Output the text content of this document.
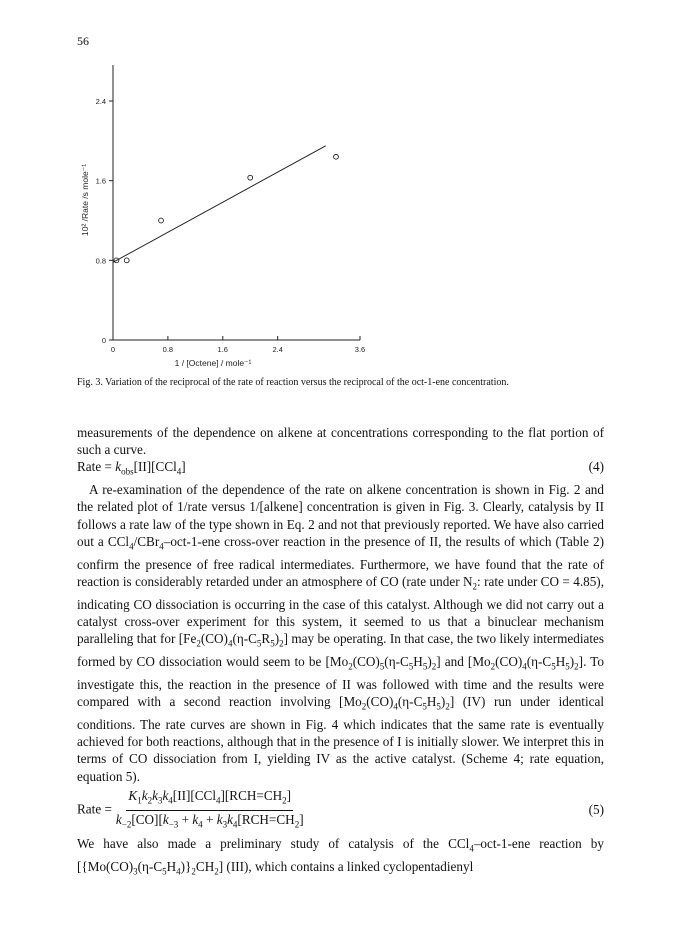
56
0
0.8
1.6
2.4
0	0.8	1.6	2.4	3.6
10² /Rate /s mole⁻¹
1 / [Octene] / mole⁻¹
Fig. 3. Variation of the reciprocal of the rate of reaction versus the reciprocal of the oct-1-ene concentration.

measurements of the dependence on alkene at concentrations corresponding to the flat portion of such a curve.

Rate = $k_{obs}[II][CCl_4]$	(4)

A re-examination of the dependence of the rate on alkene concentration is shown in Fig. 2 and the related plot of 1/rate versus 1/[alkene] concentration is given in Fig. 3. Clearly, catalysis by II follows a rate law of the type shown in Eq. 2 and not that previously reported. We have also carried out a CCl$_4$/CBr$_4$–oct-1-ene cross-over reaction in the presence of II, the results of which (Table 2) confirm the presence of free radical intermediates. Furthermore, we have found that the rate of reaction is considerably retarded under an atmosphere of CO (rate under $N_2$: rate under CO = 4.85), indicating CO dissociation is occurring in the case of this catalyst. Although we did not carry out a catalyst cross-over experiment for this system, it seemed to us that a binuclear mechanism paralleling that for $[Fe_2(CO)_4(\eta-C_5R_5)_2]$ may be operating. In that case, the two likely intermediates formed by CO dissociation would seem to be $[Mo_2(CO)_5(\eta-C_5H_5)_2]$ and $[Mo_2(CO)_4(\eta-C_5H_5)_2]$. To investigate this, the reaction in the presence of II was followed with time and the results were compared with a second reaction involving $[Mo_2(CO)_4(\eta-C_5H_5)_2]$ (IV) run under identical conditions. The rate curves are shown in Fig. 4 which indicates that the same rate is eventually achieved for both reactions, although that in the presence of I is initially slower. We interpret this in terms of CO dissociation from I, yielding IV as the active catalyst. (Scheme 4; rate equation, equation 5).

Rate = $\frac{K_1k_2k_3k_4[II][CCl_4][RCH=CH_2]}{k_{-2}[CO][k_{-3} + k_4 + k_3k_4[RCH=CH_2]}$	(5)

We have also made a preliminary study of catalysis of the CCl$_4$–oct-1-ene reaction by $[\{Mo(CO)_3(\eta-C_5H_4)\}_2CH_2]$ (III), which contains a linked cyclopentadienyl
